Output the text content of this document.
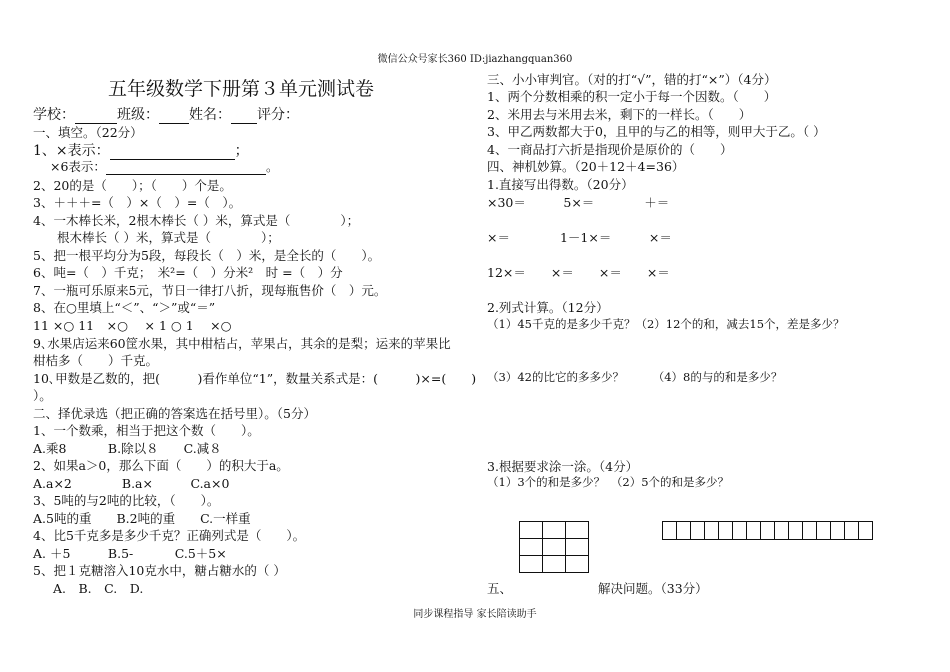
微信公众号家长360 ID:jiazhangquan360
五年级数学下册第３单元测试卷
学校：	班级： 姓名： 评分：
一、填空。（22分）
1、×表示：	；
×6表示：	。
2、20的是（　　）；（　　）个是。
3、＋＋＋=（　）×（　）=（　）。
4、一木棒长米，2根木棒长（ ）米，算式是（　　　　）；
根木棒长（ ）米，算式是（　　　　）；
5、把一根平均分为5段，每段长（　）米，是全长的（　　）。
6、吨=（　）千克；　米²=（　）分米²　时 =（　）分
7、一瓶可乐原来5元，节日一律打八折，现每瓶售价（　）元。
8、在○里填上“＜”、“＞”或“＝”
11 ×○ 11　×○　 × 1 ○ 1　 ×○
9､水果店运来60筐水果，其中柑桔占，苹果占，其余的是梨；运来的苹果比
柑桔多（　　）千克。
10､甲数是乙数的，把(　　　)看作单位“1”，数量关系式是：(　　　)×=(　　)
）。
二、择优录选（把正确的答案选在括号里）。（5分）
1、一个数乘，相当于把这个数（　　）。
A.乘8　　　 B.除以８　　C.减８
2、如果a＞0，那么下面（　　）的积大于a。
A.a×2　　　　B.a×　　　C.a×0
3、5吨的与2吨的比较，（　　）。
A.5吨的重　　B.2吨的重　　C.一样重
4、比5千克多是多少千克？正确列式是（　　）。
A. ＋5　　　B.5-　　　 C.5＋5×
5、把１克糖溶入10克水中，糖占糖水的（ ）
A.　B.　C.　D.
三、小小审判官。（对的打“√”，错的打“×”）（4分）
1、两个分数相乘的积一定小于每一个因数。（　　）
2、米用去与米用去米，剩下的一样长。（　　）
3、甲乙两数都大于0，且甲的与乙的相等，则甲大于乙。（ ）
4、一商品打六折是指现价是原价的（　　）
四、神机妙算。（20＋12＋4=36）
1.直接写出得数。（20分）
×30＝　　　5×＝　　　　＋＝
×＝　　　　1－1×＝　　　×＝
12×＝　　×＝　　×＝　　×＝
2.列式计算。（12分）
（1）45千克的是多少千克？（2）12个的和，减去15个，差是多少？
（3）42的比它的多多少？　　　（4）8的与的和是多少？
3.根据要求涂一涂。（4分）
（1）3个的和是多少？　（2）5个的和是多少？

五、	解决问题。（33分）
同步课程指导 家长陪读助手
